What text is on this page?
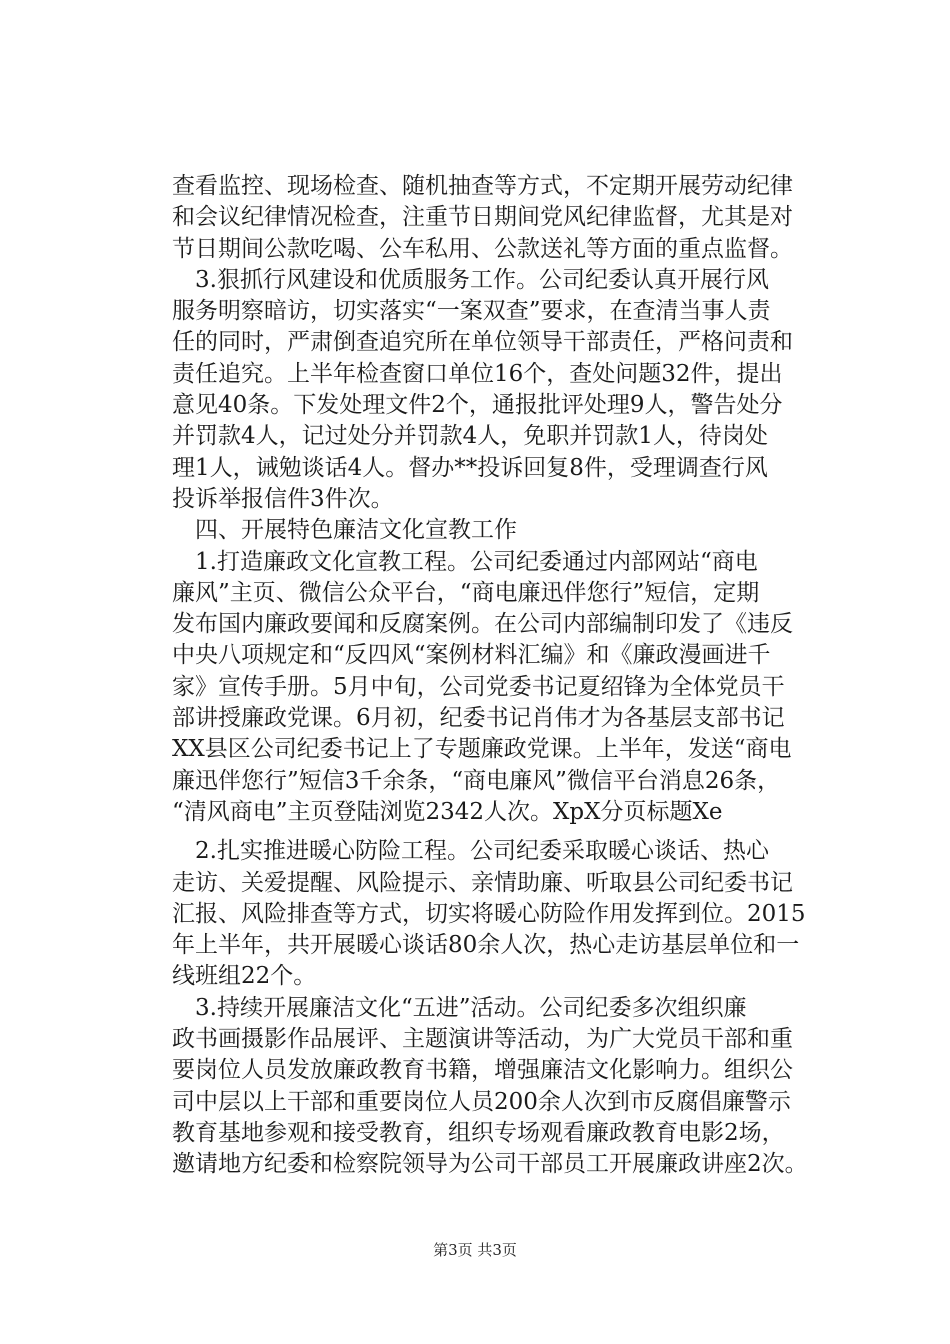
查看监控、现场检查、随机抽查等方式，不定期开展劳动纪律
和会议纪律情况检查，注重节日期间党风纪律监督，尤其是对
节日期间公款吃喝、公车私用、公款送礼等方面的重点监督。
　3.狠抓行风建设和优质服务工作。公司纪委认真开展行风
服务明察暗访，切实落实“一案双查”要求，在查清当事人责
任的同时，严肃倒查追究所在单位领导干部责任，严格问责和
责任追究。上半年检查窗口单位16个，查处问题32件，提出
意见40条。下发处理文件2个，通报批评处理9人，警告处分
并罚款4人，记过处分并罚款4人，免职并罚款1人，待岗处
理1人，诫勉谈话4人。督办**投诉回复8件，受理调查行风
投诉举报信件3件次。
　四、开展特色廉洁文化宣教工作
　1.打造廉政文化宣教工程。公司纪委通过内部网站“商电
廉风”主页、微信公众平台，“商电廉迅伴您行”短信，定期
发布国内廉政要闻和反腐案例。在公司内部编制印发了《违反
中央八项规定和“反四风“案例材料汇编》和《廉政漫画进千
家》宣传手册。5月中旬，公司党委书记夏绍锋为全体党员干
部讲授廉政党课。6月初，纪委书记肖伟才为各基层支部书记
XX县区公司纪委书记上了专题廉政党课。上半年，发送“商电
廉迅伴您行”短信3千余条，“商电廉风”微信平台消息26条，
“清风商电”主页登陆浏览2342人次。XpX分页标题Xe
　2.扎实推进暖心防险工程。公司纪委采取暖心谈话、热心
走访、关爱提醒、风险提示、亲情助廉、听取县公司纪委书记
汇报、风险排查等方式，切实将暖心防险作用发挥到位。2015
年上半年，共开展暖心谈话80余人次，热心走访基层单位和一
线班组22个。
　3.持续开展廉洁文化“五进”活动。公司纪委多次组织廉
政书画摄影作品展评、主题演讲等活动，为广大党员干部和重
要岗位人员发放廉政教育书籍，增强廉洁文化影响力。组织公
司中层以上干部和重要岗位人员200余人次到市反腐倡廉警示
教育基地参观和接受教育，组织专场观看廉政教育电影2场，
邀请地方纪委和检察院领导为公司干部员工开展廉政讲座2次。
第3页 共3页
